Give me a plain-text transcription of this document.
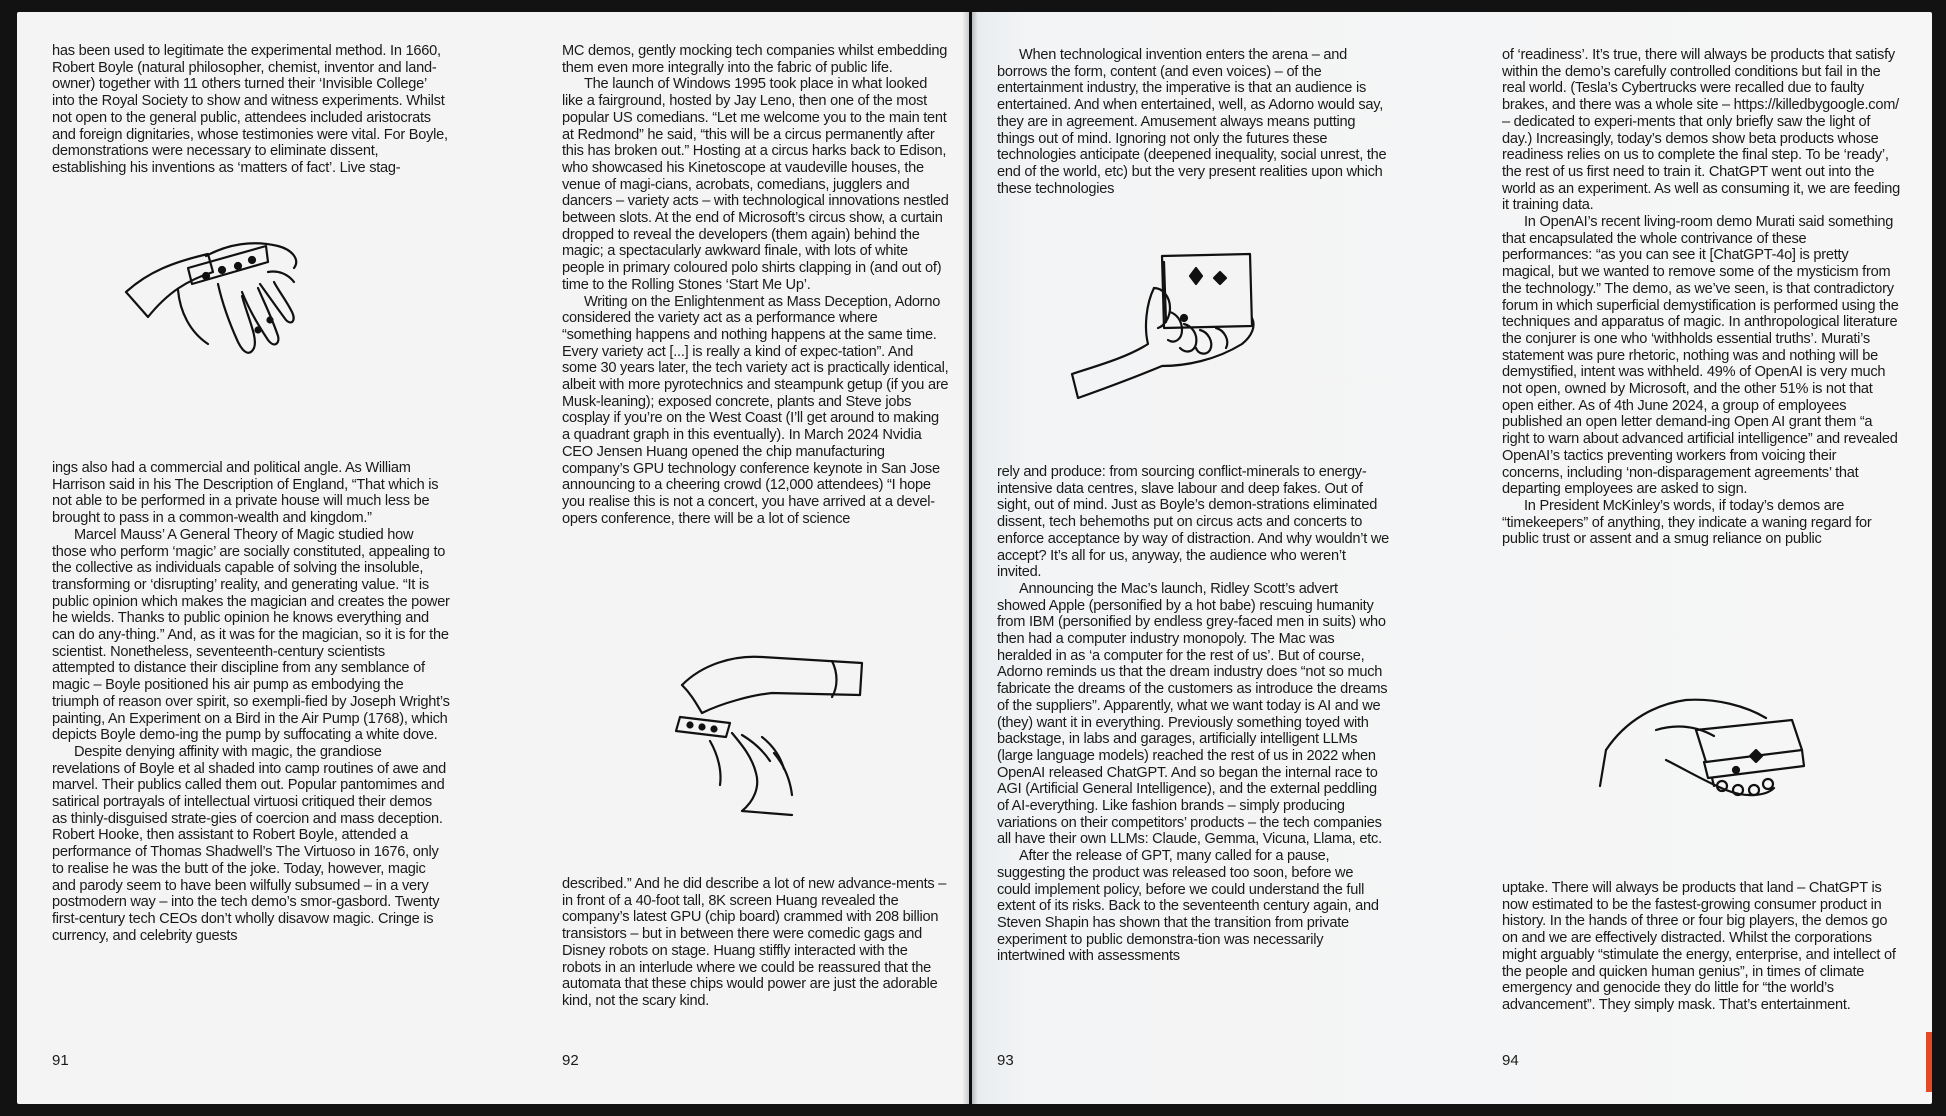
has been used to legitimate the experimental method. In 1660, Robert Boyle (natural philosopher, chemist, inventor and land-owner) together with 11 others turned their ‘Invisible College’ into the Royal Society to show and witness experiments. Whilst not open to the general public, attendees included aristocrats and foreign dignitaries, whose testimonies were vital. For Boyle, demonstrations were necessary to eliminate dissent, establishing his inventions as ‘matters of fact’. Live stag-

ings also had a commercial and political angle. As William Harrison said in his The Description of England, “That which is not able to be performed in a private house will much less be brought to pass in a common-wealth and kingdom.”

Marcel Mauss’ A General Theory of Magic studied how those who perform ‘magic’ are socially constituted, appealing to the collective as individuals capable of solving the insoluble, transforming or ‘disrupting’ reality, and generating value. “It is public opinion which makes the magician and creates the power he wields. Thanks to public opinion he knows everything and can do any-thing.” And, as it was for the magician, so it is for the scientist. Nonetheless, seventeenth-century scientists attempted to distance their discipline from any semblance of magic – Boyle positioned his air pump as embodying the triumph of reason over spirit, so exempli-fied by Joseph Wright’s painting, An Experiment on a Bird in the Air Pump (1768), which depicts Boyle demo-ing the pump by suffocating a white dove.

Despite denying affinity with magic, the grandiose revelations of Boyle et al shaded into camp routines of awe and marvel. Their publics called them out. Popular pantomimes and satirical portrayals of intellectual virtuosi critiqued their demos as thinly-disguised strate-gies of coercion and mass deception. Robert Hooke, then assistant to Robert Boyle, attended a performance of Thomas Shadwell’s The Virtuoso in 1676, only to realise he was the butt of the joke. Today, however, magic and parody seem to have been wilfully subsumed – in a very postmodern way – into the tech demo’s smor-gasbord. Twenty first-century tech CEOs don’t wholly disavow magic. Cringe is currency, and celebrity guests

91

MC demos, gently mocking tech companies whilst embedding them even more integrally into the fabric of public life.

The launch of Windows 1995 took place in what looked like a fairground, hosted by Jay Leno, then one of the most popular US comedians. “Let me welcome you to the main tent at Redmond” he said, “this will be a circus permanently after this has broken out.” Hosting at a circus harks back to Edison, who showcased his Kinetoscope at vaudeville houses, the venue of magi-cians, acrobats, comedians, jugglers and dancers – variety acts – with technological innovations nestled between slots. At the end of Microsoft’s circus show, a curtain dropped to reveal the developers (them again) behind the magic; a spectacularly awkward finale, with lots of white people in primary coloured polo shirts clapping in (and out of) time to the Rolling Stones ‘Start Me Up’.

Writing on the Enlightenment as Mass Deception, Adorno considered the variety act as a performance where “something happens and nothing happens at the same time. Every variety act [...] is really a kind of expec-tation”. And some 30 years later, the tech variety act is practically identical, albeit with more pyrotechnics and steampunk getup (if you are Musk-leaning); exposed concrete, plants and Steve jobs cosplay if you’re on the West Coast (I’ll get around to making a quadrant graph in this eventually). In March 2024 Nvidia CEO Jensen Huang opened the chip manufacturing company’s GPU technology conference keynote in San Jose announcing to a cheering crowd (12,000 attendees) “I hope you realise this is not a concert, you have arrived at a devel-opers conference, there will be a lot of science

described.” And he did describe a lot of new advance-ments – in front of a 40-foot tall, 8K screen Huang revealed the company’s latest GPU (chip board) crammed with 208 billion transistors – but in between there were comedic gags and Disney robots on stage. Huang stiffly interacted with the robots in an interlude where we could be reassured that the automata that these chips would power are just the adorable kind, not the scary kind.

92

When technological invention enters the arena – and borrows the form, content (and even voices) – of the entertainment industry, the imperative is that an audience is entertained. And when entertained, well, as Adorno would say, they are in agreement. Amusement always means putting things out of mind. Ignoring not only the futures these technologies anticipate (deepened inequality, social unrest, the end of the world, etc) but the very present realities upon which these technologies

rely and produce: from sourcing conflict-minerals to energy-intensive data centres, slave labour and deep fakes. Out of sight, out of mind. Just as Boyle’s demon-strations eliminated dissent, tech behemoths put on circus acts and concerts to enforce acceptance by way of distraction. And why wouldn’t we accept? It’s all for us, anyway, the audience who weren’t invited.

Announcing the Mac’s launch, Ridley Scott’s advert showed Apple (personified by a hot babe) rescuing humanity from IBM (personified by endless grey-faced men in suits) who then had a computer industry monopoly. The Mac was heralded in as ‘a computer for the rest of us’. But of course, Adorno reminds us that the dream industry does “not so much fabricate the dreams of the customers as introduce the dreams of the suppliers”. Apparently, what we want today is AI and we (they) want it in everything. Previously something toyed with backstage, in labs and garages, artificially intelligent LLMs (large language models) reached the rest of us in 2022 when OpenAI released ChatGPT. And so began the internal race to AGI (Artificial General Intelligence), and the external peddling of AI-everything. Like fashion brands – simply producing variations on their competitors’ products – the tech companies all have their own LLMs: Claude, Gemma, Vicuna, Llama, etc.

After the release of GPT, many called for a pause, suggesting the product was released too soon, before we could implement policy, before we could understand the full extent of its risks. Back to the seventeenth century again, and Steven Shapin has shown that the transition from private experiment to public demonstra-tion was necessarily intertwined with assessments

93

of ‘readiness’. It’s true, there will always be products that satisfy within the demo’s carefully controlled conditions but fail in the real world. (Tesla’s Cybertrucks were recalled due to faulty brakes, and there was a whole site – https://killedbygoogle.com/ – dedicated to experi-ments that only briefly saw the light of day.) Increasingly, today’s demos show beta products whose readiness relies on us to complete the final step. To be ‘ready’, the rest of us first need to train it. ChatGPT went out into the world as an experiment. As well as consuming it, we are feeding it training data.

In OpenAI’s recent living-room demo Murati said something that encapsulated the whole contrivance of these performances: “as you can see it [ChatGPT-4o] is pretty magical, but we wanted to remove some of the mysticism from the technology.” The demo, as we’ve seen, is that contradictory forum in which superficial demystification is performed using the techniques and apparatus of magic. In anthropological literature the conjurer is one who ‘withholds essential truths’. Murati’s statement was pure rhetoric, nothing was and nothing will be demystified, intent was withheld. 49% of OpenAI is very much not open, owned by Microsoft, and the other 51% is not that open either. As of 4th June 2024, a group of employees published an open letter demand-ing Open AI grant them “a right to warn about advanced artificial intelligence” and revealed OpenAI’s tactics preventing workers from voicing their concerns, including ‘non-disparagement agreements’ that departing employees are asked to sign.

In President McKinley’s words, if today’s demos are “timekeepers” of anything, they indicate a waning regard for public trust or assent and a smug reliance on public

uptake. There will always be products that land – ChatGPT is now estimated to be the fastest-growing consumer product in history. In the hands of three or four big players, the demos go on and we are effectively distracted. Whilst the corporations might arguably “stimulate the energy, enterprise, and intellect of the people and quicken human genius”, in times of climate emergency and genocide they do little for “the world’s advancement”. They simply mask. That’s entertainment.

94
